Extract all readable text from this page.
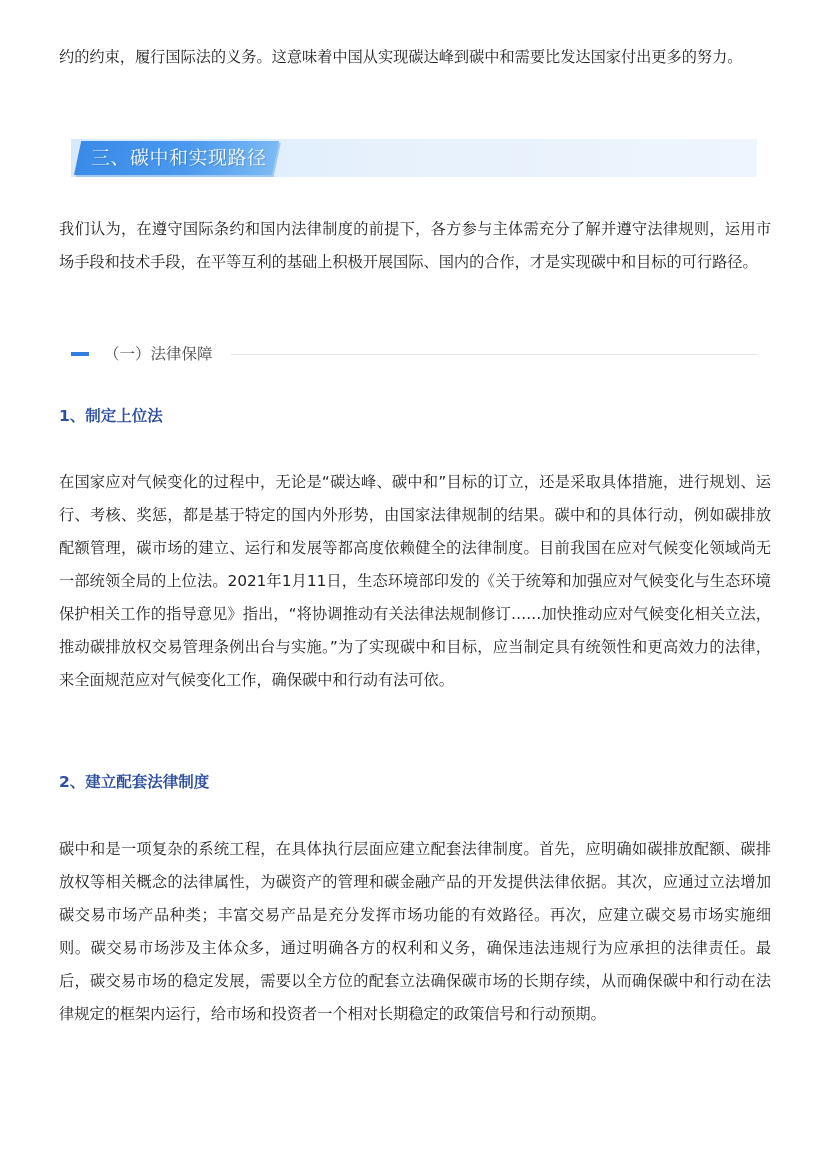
约的约束，履行国际法的义务。这意味着中国从实现碳达峰到碳中和需要比发达国家付出更多的努力。

三、碳中和实现路径

我们认为，在遵守国际条约和国内法律制度的前提下，各方参与主体需充分了解并遵守法律规则，运用市场手段和技术手段，在平等互利的基础上积极开展国际、国内的合作，才是实现碳中和目标的可行路径。

（一）法律保障
1、制定上位法

在国家应对气候变化的过程中，无论是“碳达峰、碳中和”目标的订立，还是采取具体措施，进行规划、运行、考核、奖惩，都是基于特定的国内外形势，由国家法律规制的结果。碳中和的具体行动，例如碳排放配额管理，碳市场的建立、运行和发展等都高度依赖健全的法律制度。目前我国在应对气候变化领域尚无一部统领全局的上位法。2021年1月11日，生态环境部印发的《关于统筹和加强应对气候变化与生态环境保护相关工作的指导意见》指出，“将协调推动有关法律法规制修订……加快推动应对气候变化相关立法，推动碳排放权交易管理条例出台与实施。”为了实现碳中和目标，应当制定具有统领性和更高效力的法律，来全面规范应对气候变化工作，确保碳中和行动有法可依。

2、建立配套法律制度

碳中和是一项复杂的系统工程，在具体执行层面应建立配套法律制度。首先，应明确如碳排放配额、碳排放权等相关概念的法律属性，为碳资产的管理和碳金融产品的开发提供法律依据。其次，应通过立法增加碳交易市场产品种类；丰富交易产品是充分发挥市场功能的有效路径。再次，应建立碳交易市场实施细则。碳交易市场涉及主体众多，通过明确各方的权利和义务，确保违法违规行为应承担的法律责任。最后，碳交易市场的稳定发展，需要以全方位的配套立法确保碳市场的长期存续，从而确保碳中和行动在法律规定的框架内运行，给市场和投资者一个相对长期稳定的政策信号和行动预期。
